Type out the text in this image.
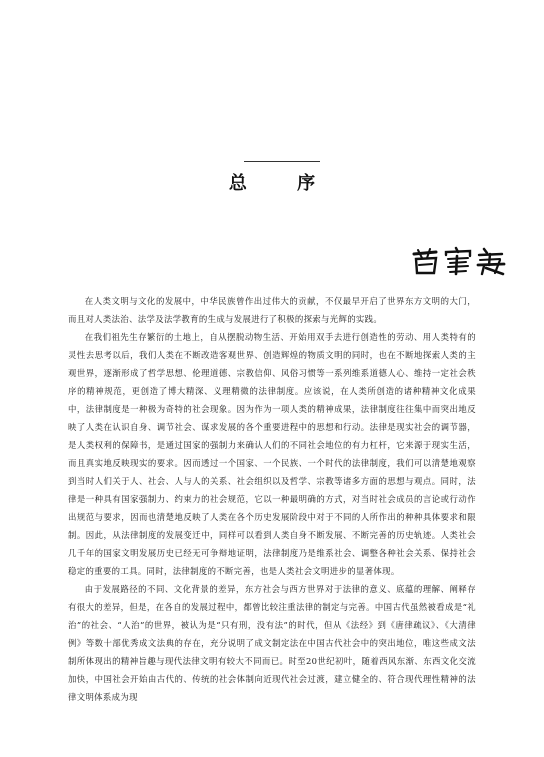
总 序

在人类文明与文化的发展中，中华民族曾作出过伟大的贡献，不仅最早开启了世界东方文明的大门，而且对人类法治、法学及法学教育的生成与发展进行了积极的探索与光辉的实践。

在我们祖先生存繁衍的土地上，自从摆脱动物生活、开始用双手去进行创造性的劳动、用人类特有的灵性去思考以后，我们人类在不断改造客观世界、创造辉煌的物质文明的同时，也在不断地探索人类的主观世界，逐渐形成了哲学思想、伦理道德、宗教信仰、风俗习惯等一系列维系道德人心、维持一定社会秩序的精神规范，更创造了博大精深、义理精微的法律制度。应该说，在人类所创造的诸种精神文化成果中，法律制度是一种极为奇特的社会现象。因为作为一项人类的精神成果，法律制度往往集中而突出地反映了人类在认识自身、调节社会、谋求发展的各个重要进程中的思想和行动。法律是现实社会的调节器，是人类权利的保障书，是通过国家的强制力来确认人们的不同社会地位的有力杠杆，它来源于现实生活，而且真实地反映现实的要求。因而透过一个国家、一个民族、一个时代的法律制度，我们可以清楚地观察到当时人们关于人、社会、人与人的关系、社会组织以及哲学、宗教等诸多方面的思想与观点。同时，法律是一种具有国家强制力、约束力的社会规范，它以一种最明确的方式，对当时社会成员的言论或行动作出规范与要求，因而也清楚地反映了人类在各个历史发展阶段中对于不同的人所作出的种种具体要求和限制。因此，从法律制度的发展变迁中，同样可以看到人类自身不断发展、不断完善的历史轨迹。人类社会几千年的国家文明发展历史已经无可争辩地证明，法律制度乃是维系社会、调整各种社会关系、保持社会稳定的重要的工具。同时，法律制度的不断完善，也是人类社会文明进步的显著体现。

由于发展路径的不同、文化背景的差异，东方社会与西方世界对于法律的意义、底蕴的理解、阐释存有很大的差异，但是，在各自的发展过程中，都曾比较注重法律的制定与完善。中国古代虽然被看成是“礼治”的社会、“人治”的世界，被认为是“只有刑，没有法”的时代，但从《法经》到《唐律疏议》、《大清律例》等数十部优秀成文法典的存在，充分说明了成文制定法在中国古代社会中的突出地位，唯这些成文法制所体现出的精神旨趣与现代法律文明有较大不同而已。时至20世纪初叶，随着西风东渐、东西文化交流加快，中国社会开始由古代的、传统的社会体制向近现代社会过渡，建立健全的、符合现代理性精神的法律文明体系成为现
